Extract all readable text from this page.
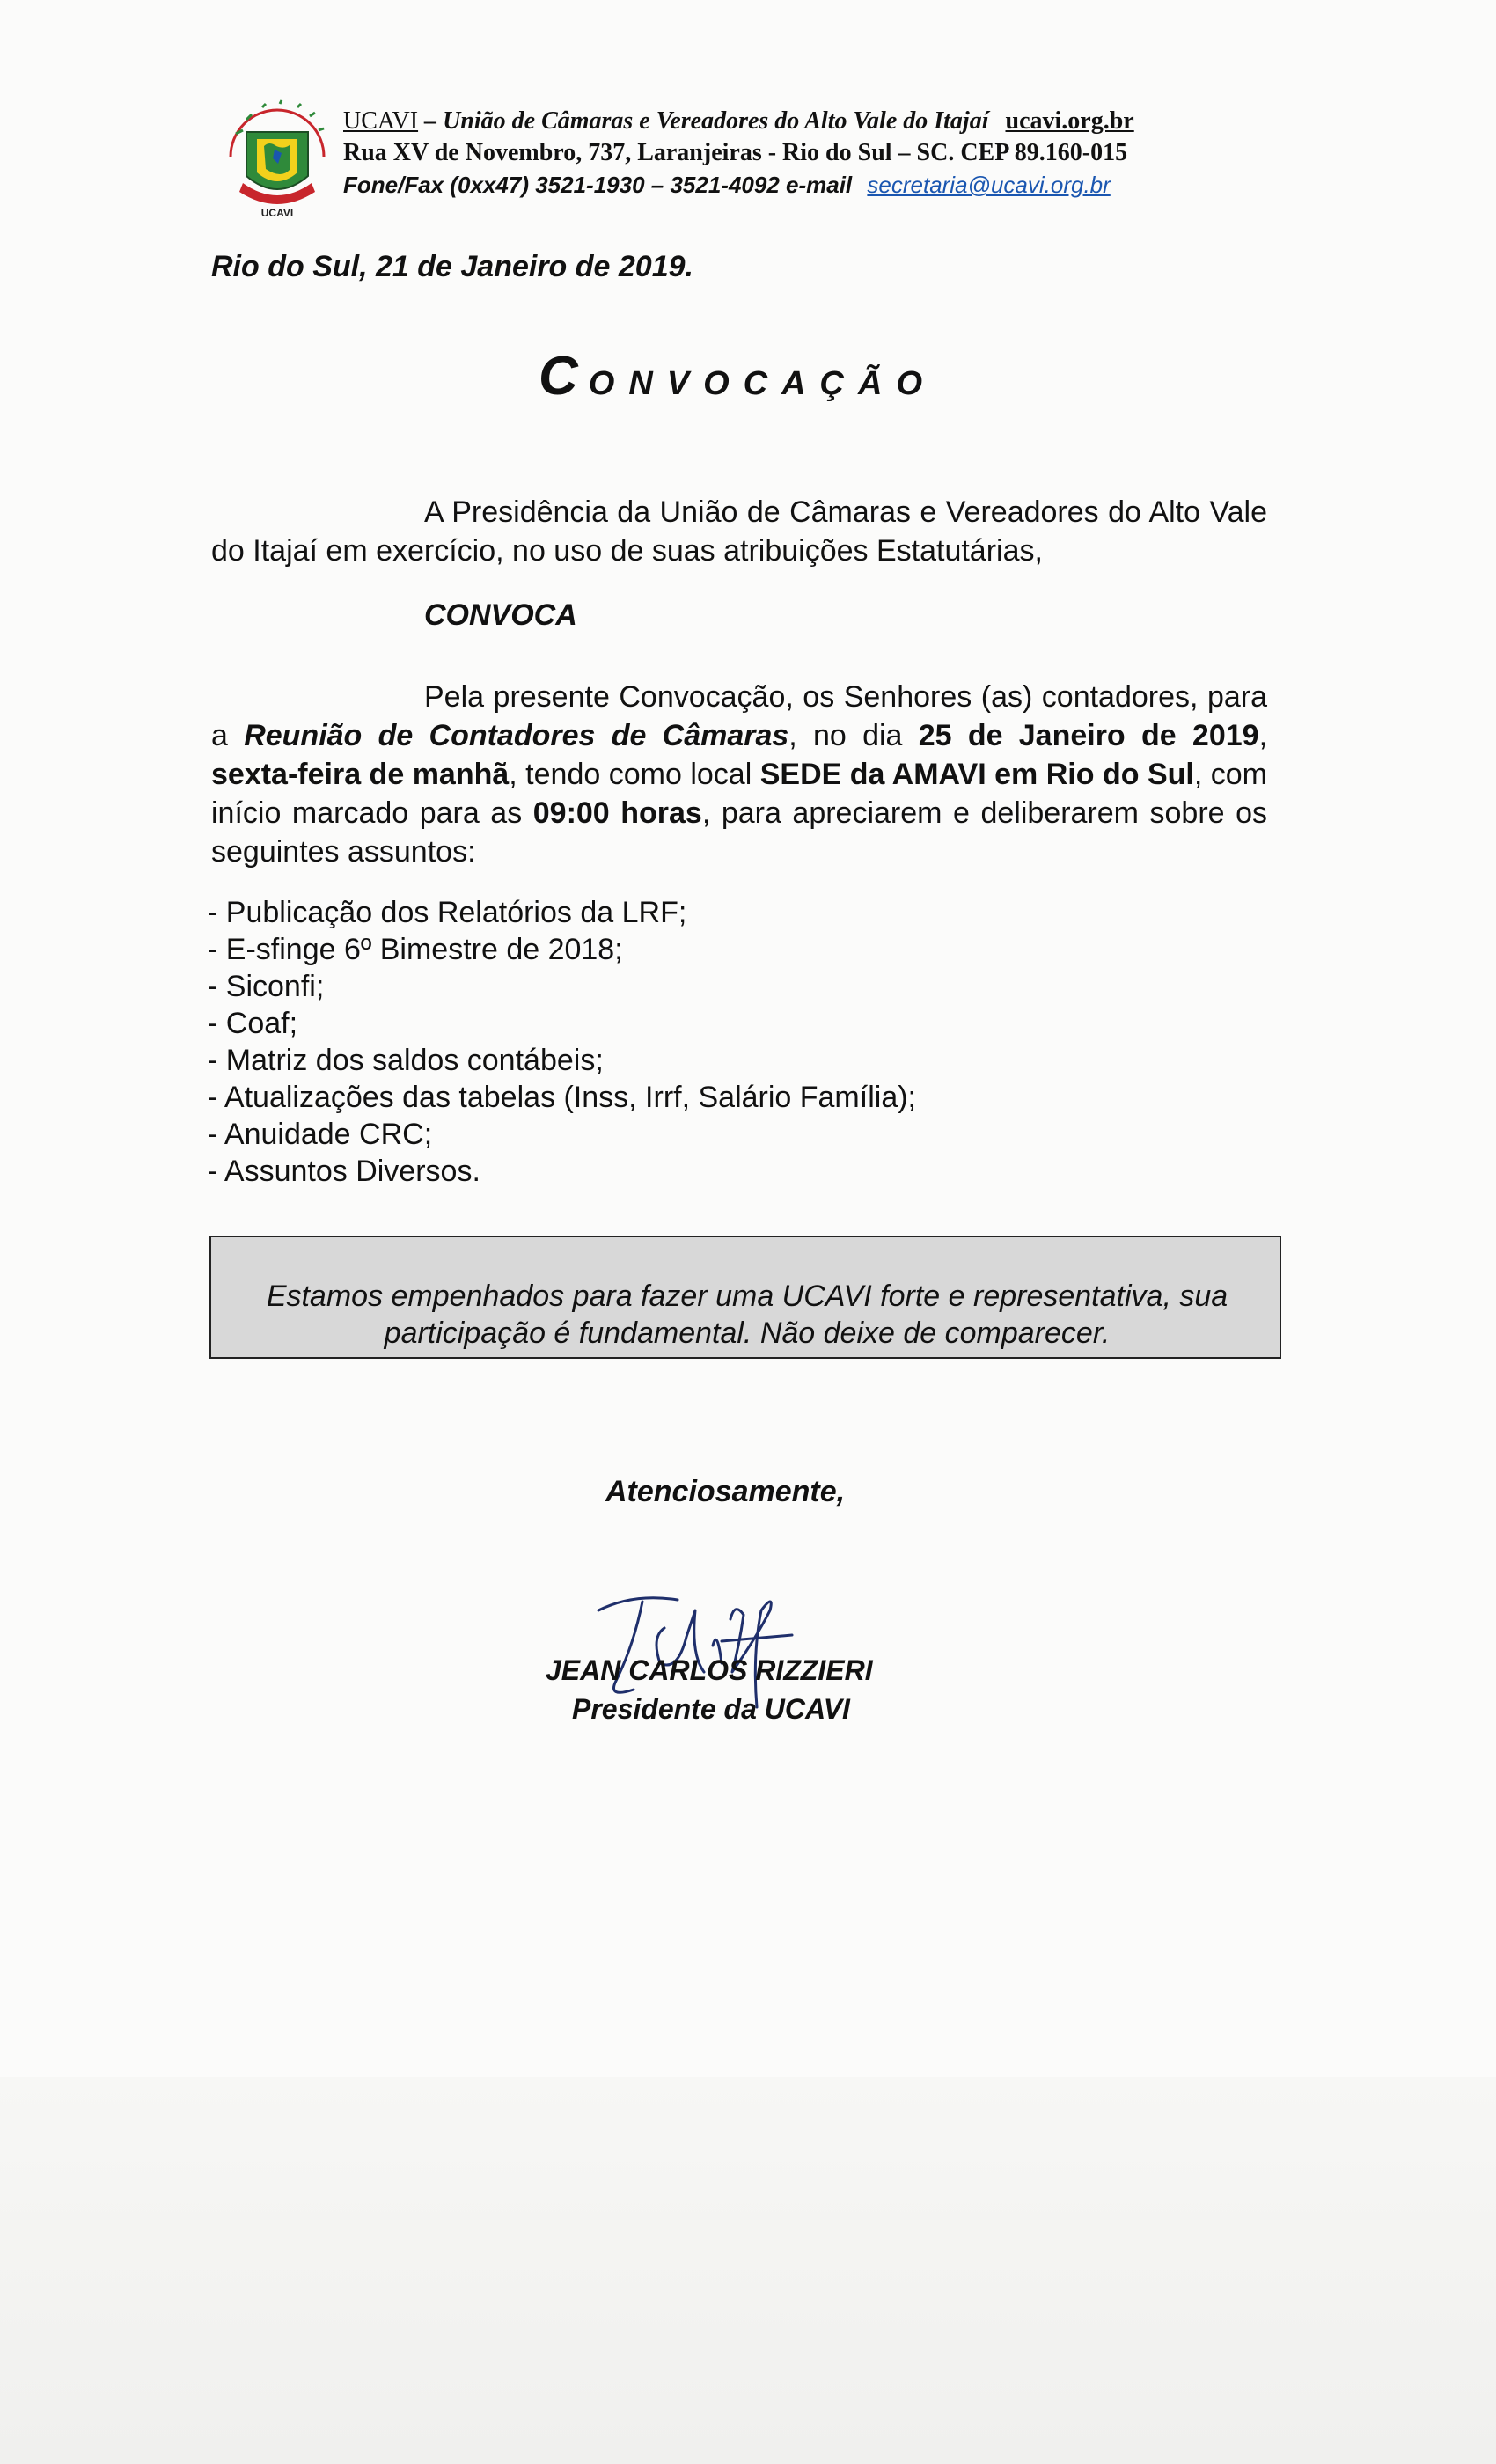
UCAVI
UCAVI – União de Câmaras e Vereadores do Alto Vale do Itajaí ucavi.org.br
Rua XV de Novembro, 737, Laranjeiras - Rio do Sul – SC. CEP 89.160-015
Fone/Fax (0xx47) 3521-1930 – 3521-4092 e-mail secretaria@ucavi.org.br
Rio do Sul, 21 de Janeiro de 2019.
CONVOCAÇÃO
A Presidência da União de Câmaras e Vereadores do Alto Vale do Itajaí em exercício, no uso de suas atribuições Estatutárias,
CONVOCA
Pela presente Convocação, os Senhores (as) contadores, para a Reunião de Contadores de Câmaras, no dia 25 de Janeiro de 2019, sexta-feira de manhã, tendo como local SEDE da AMAVI em Rio do Sul, com início marcado para as 09:00 horas, para apreciarem e deliberarem sobre os seguintes assuntos:
- Publicação dos Relatórios da LRF;
- E-sfinge 6º Bimestre de 2018;
- Siconfi;
- Coaf;
- Matriz dos saldos contábeis;
- Atualizações das tabelas (Inss, Irrf, Salário Família);
- Anuidade CRC;
- Assuntos Diversos.
Estamos empenhados para fazer uma UCAVI forte e representativa, sua participação é fundamental. Não deixe de comparecer.
Atenciosamente,
JEAN CARLOS RIZZIERI
Presidente da UCAVI
